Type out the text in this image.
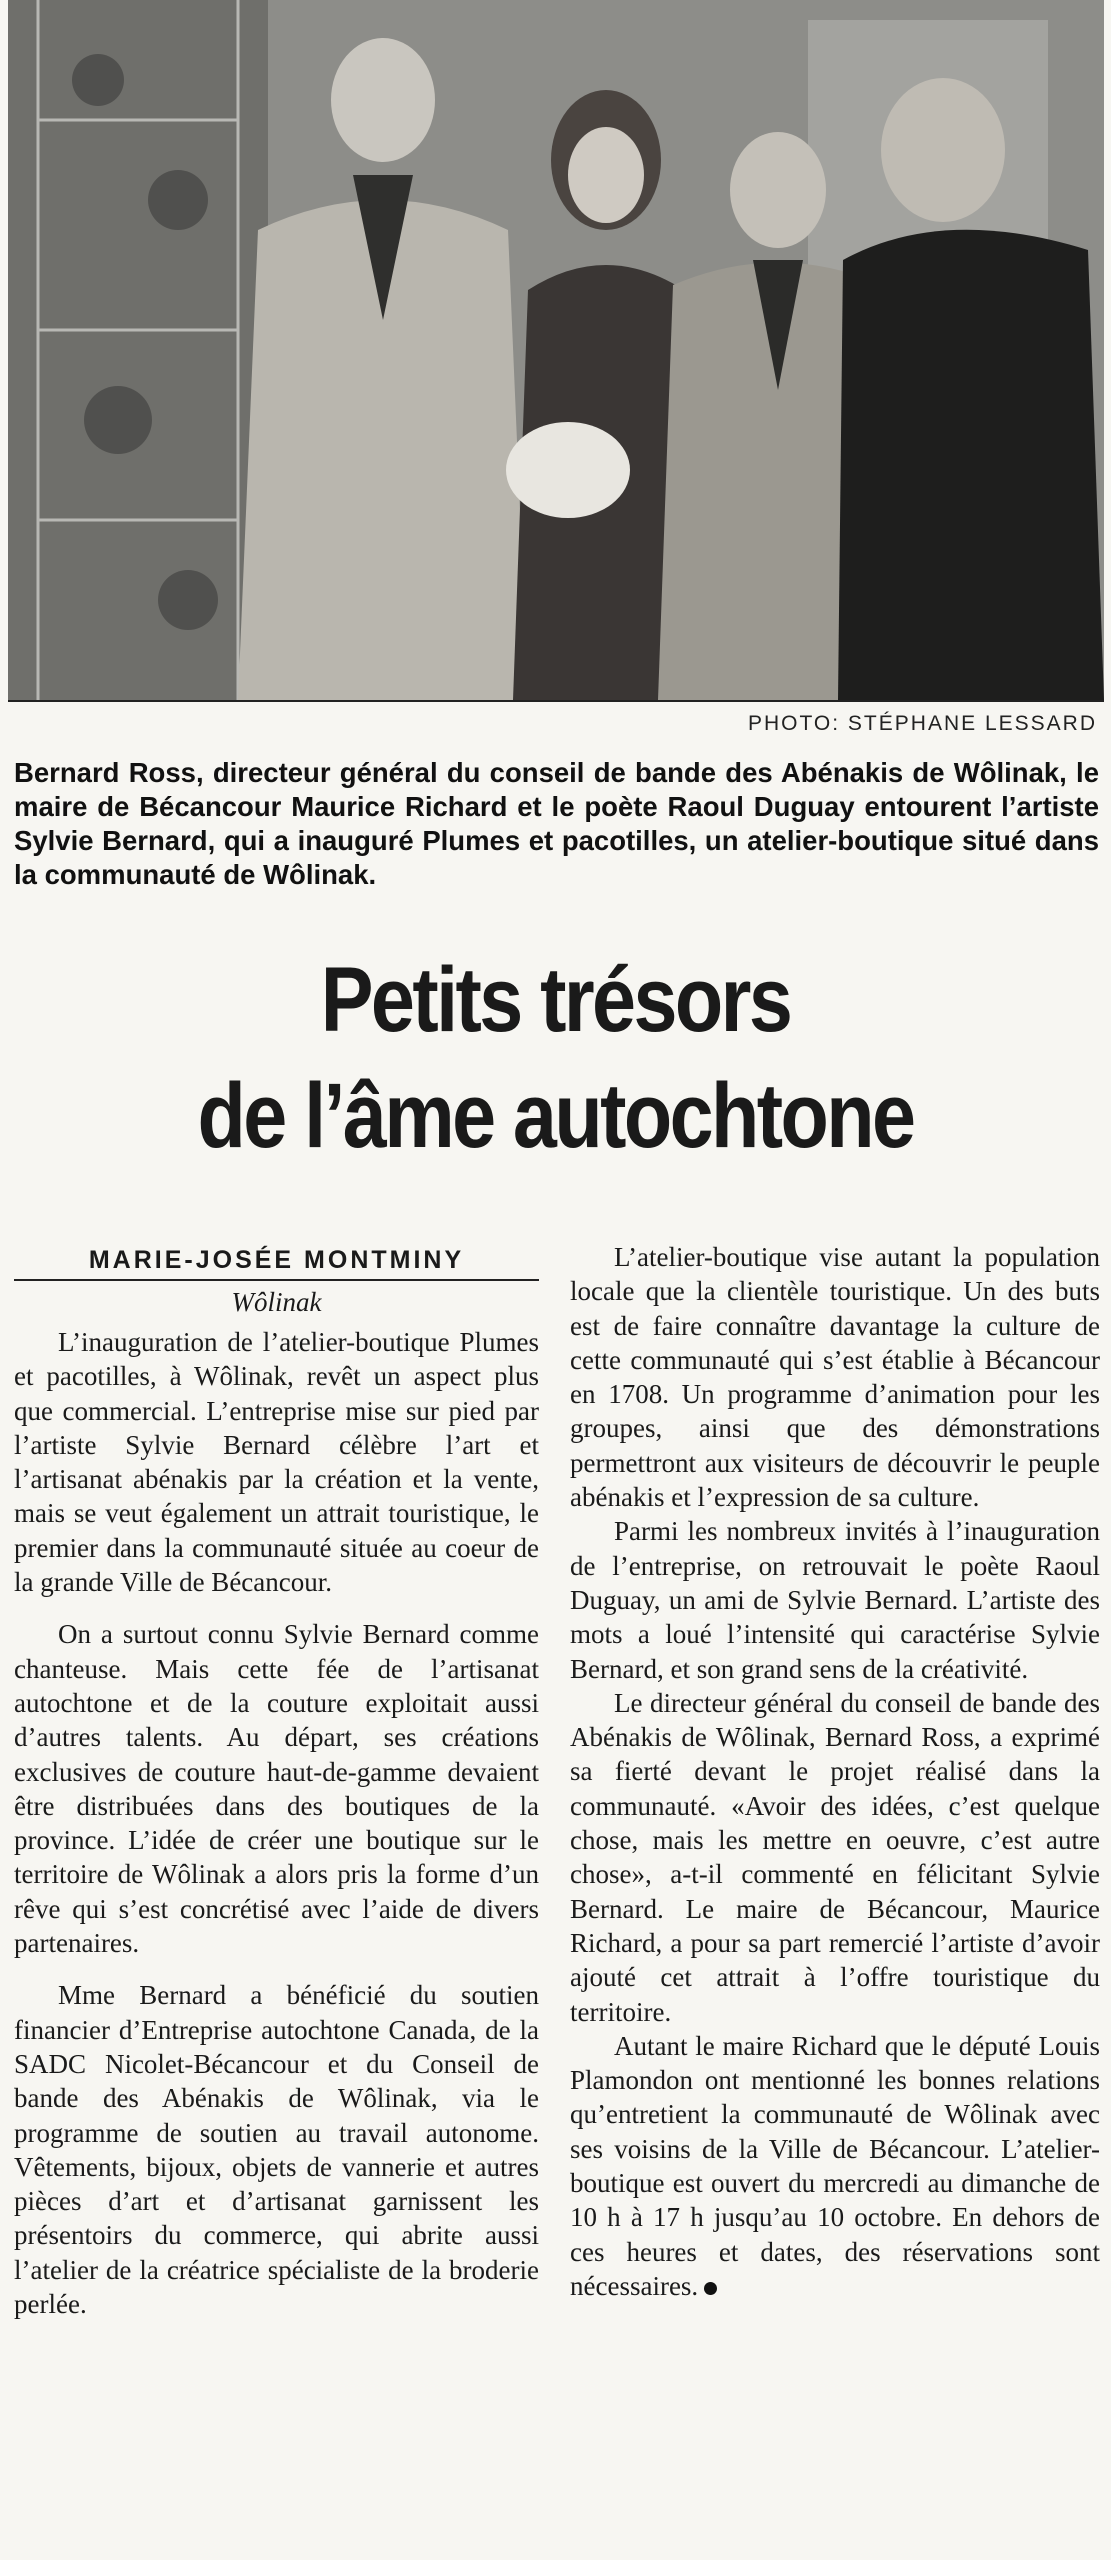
PHOTO: STÉPHANE LESSARD

Bernard Ross, directeur général du conseil de bande des Abénakis de Wôlinak, le maire de Bécancour Maurice Richard et le poète Raoul Duguay entourent l’artiste Sylvie Bernard, qui a inauguré Plumes et pacotilles, un atelier-boutique situé dans la communauté de Wôlinak.

Petits trésors
de l’âme autochtone
MARIE-JOSÉE MONTMINY
Wôlinak

L’inauguration de l’atelier-boutique Plumes et pacotilles, à Wôlinak, revêt un aspect plus que commercial. L’entreprise mise sur pied par l’artiste Sylvie Bernard célèbre l’art et l’artisanat abénakis par la création et la vente, mais se veut également un attrait touristique, le premier dans la communauté située au coeur de la grande Ville de Bécancour.

On a surtout connu Sylvie Bernard comme chanteuse. Mais cette fée de l’artisanat autochtone et de la couture exploitait aussi d’autres talents. Au départ, ses créations exclusives de couture haut-de-gamme devaient être distribuées dans des boutiques de la province. L’idée de créer une boutique sur le territoire de Wôlinak a alors pris la forme d’un rêve qui s’est concrétisé avec l’aide de divers partenaires.

Mme Bernard a bénéficié du soutien financier d’Entreprise autochtone Canada, de la SADC Nicolet-Bécancour et du Conseil de bande des Abénakis de Wôlinak, via le programme de soutien au travail autonome. Vêtements, bijoux, objets de vannerie et autres pièces d’art et d’artisanat garnissent les présentoirs du commerce, qui abrite aussi l’atelier de la créatrice spécialiste de la broderie perlée.

L’atelier-boutique vise autant la population locale que la clientèle touristique. Un des buts est de faire connaître davantage la culture de cette communauté qui s’est établie à Bécancour en 1708. Un programme d’animation pour les groupes, ainsi que des démonstrations permettront aux visiteurs de découvrir le peuple abénakis et l’expression de sa culture.

Parmi les nombreux invités à l’inauguration de l’entreprise, on retrouvait le poète Raoul Duguay, un ami de Sylvie Bernard. L’artiste des mots a loué l’intensité qui caractérise Sylvie Bernard, et son grand sens de la créativité.

Le directeur général du conseil de bande des Abénakis de Wôlinak, Bernard Ross, a exprimé sa fierté devant le projet réalisé dans la communauté. «Avoir des idées, c’est quelque chose, mais les mettre en oeuvre, c’est autre chose», a-t-il commenté en félicitant Sylvie Bernard. Le maire de Bécancour, Maurice Richard, a pour sa part remercié l’artiste d’avoir ajouté cet attrait à l’offre touristique du territoire.

Autant le maire Richard que le député Louis Plamondon ont mentionné les bonnes relations qu’entretient la communauté de Wôlinak avec ses voisins de la Ville de Bécancour. L’atelier-boutique est ouvert du mercredi au dimanche de 10 h à 17 h jusqu’au 10 octobre. En dehors de ces heures et dates, des réservations sont nécessaires.
